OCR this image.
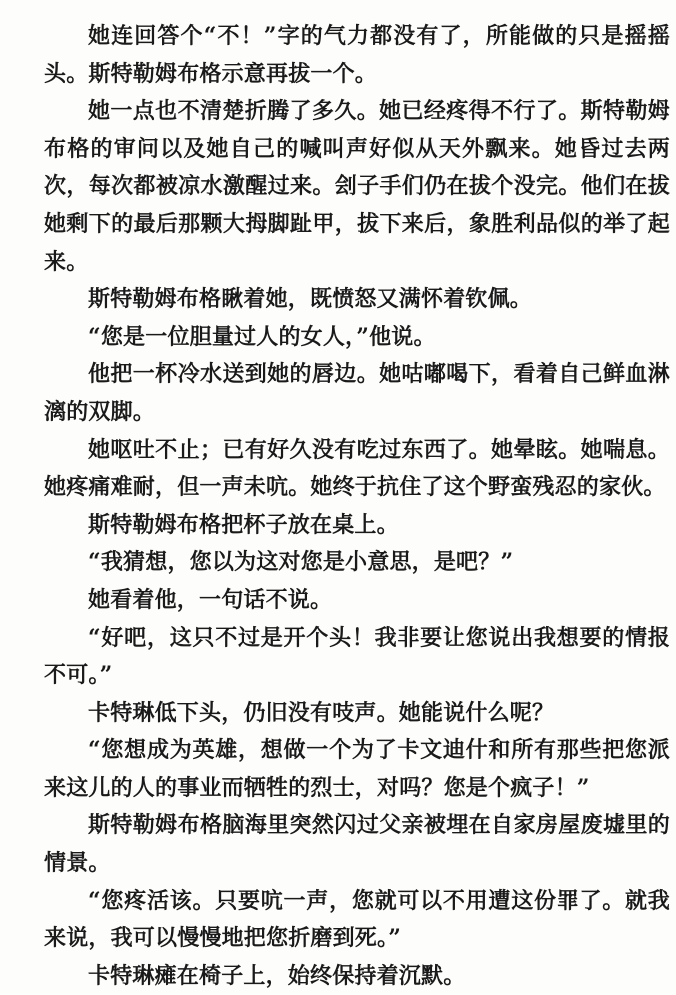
她连回答个“不！”字的气力都没有了，所能做的只是摇摇头。斯特勒姆布格示意再拔一个。

她一点也不清楚折腾了多久。她已经疼得不行了。斯特勒姆布格的审问以及她自己的喊叫声好似从天外飘来。她昏过去两次，每次都被凉水激醒过来。刽子手们仍在拔个没完。他们在拔她剩下的最后那颗大拇脚趾甲，拔下来后，象胜利品似的举了起来。

斯特勒姆布格瞅着她，既愤怒又满怀着钦佩。

“您是一位胆量过人的女人，”他说。

他把一杯冷水送到她的唇边。她咕嘟喝下，看着自己鲜血淋漓的双脚。

她呕吐不止；已有好久没有吃过东西了。她晕眩。她喘息。她疼痛难耐，但一声未吭。她终于抗住了这个野蛮残忍的家伙。

斯特勒姆布格把杯子放在桌上。

“我猜想，您以为这对您是小意思，是吧？”

她看着他，一句话不说。

“好吧，这只不过是开个头！我非要让您说出我想要的情报不可。”

卡特琳低下头，仍旧没有吱声。她能说什么呢？

“您想成为英雄，想做一个为了卡文迪什和所有那些把您派来这儿的人的事业而牺牲的烈士，对吗？您是个疯子！”

斯特勒姆布格脑海里突然闪过父亲被埋在自家房屋废墟里的情景。

“您疼活该。只要吭一声，您就可以不用遭这份罪了。就我来说，我可以慢慢地把您折磨到死。”

卡特琳瘫在椅子上，始终保持着沉默。
